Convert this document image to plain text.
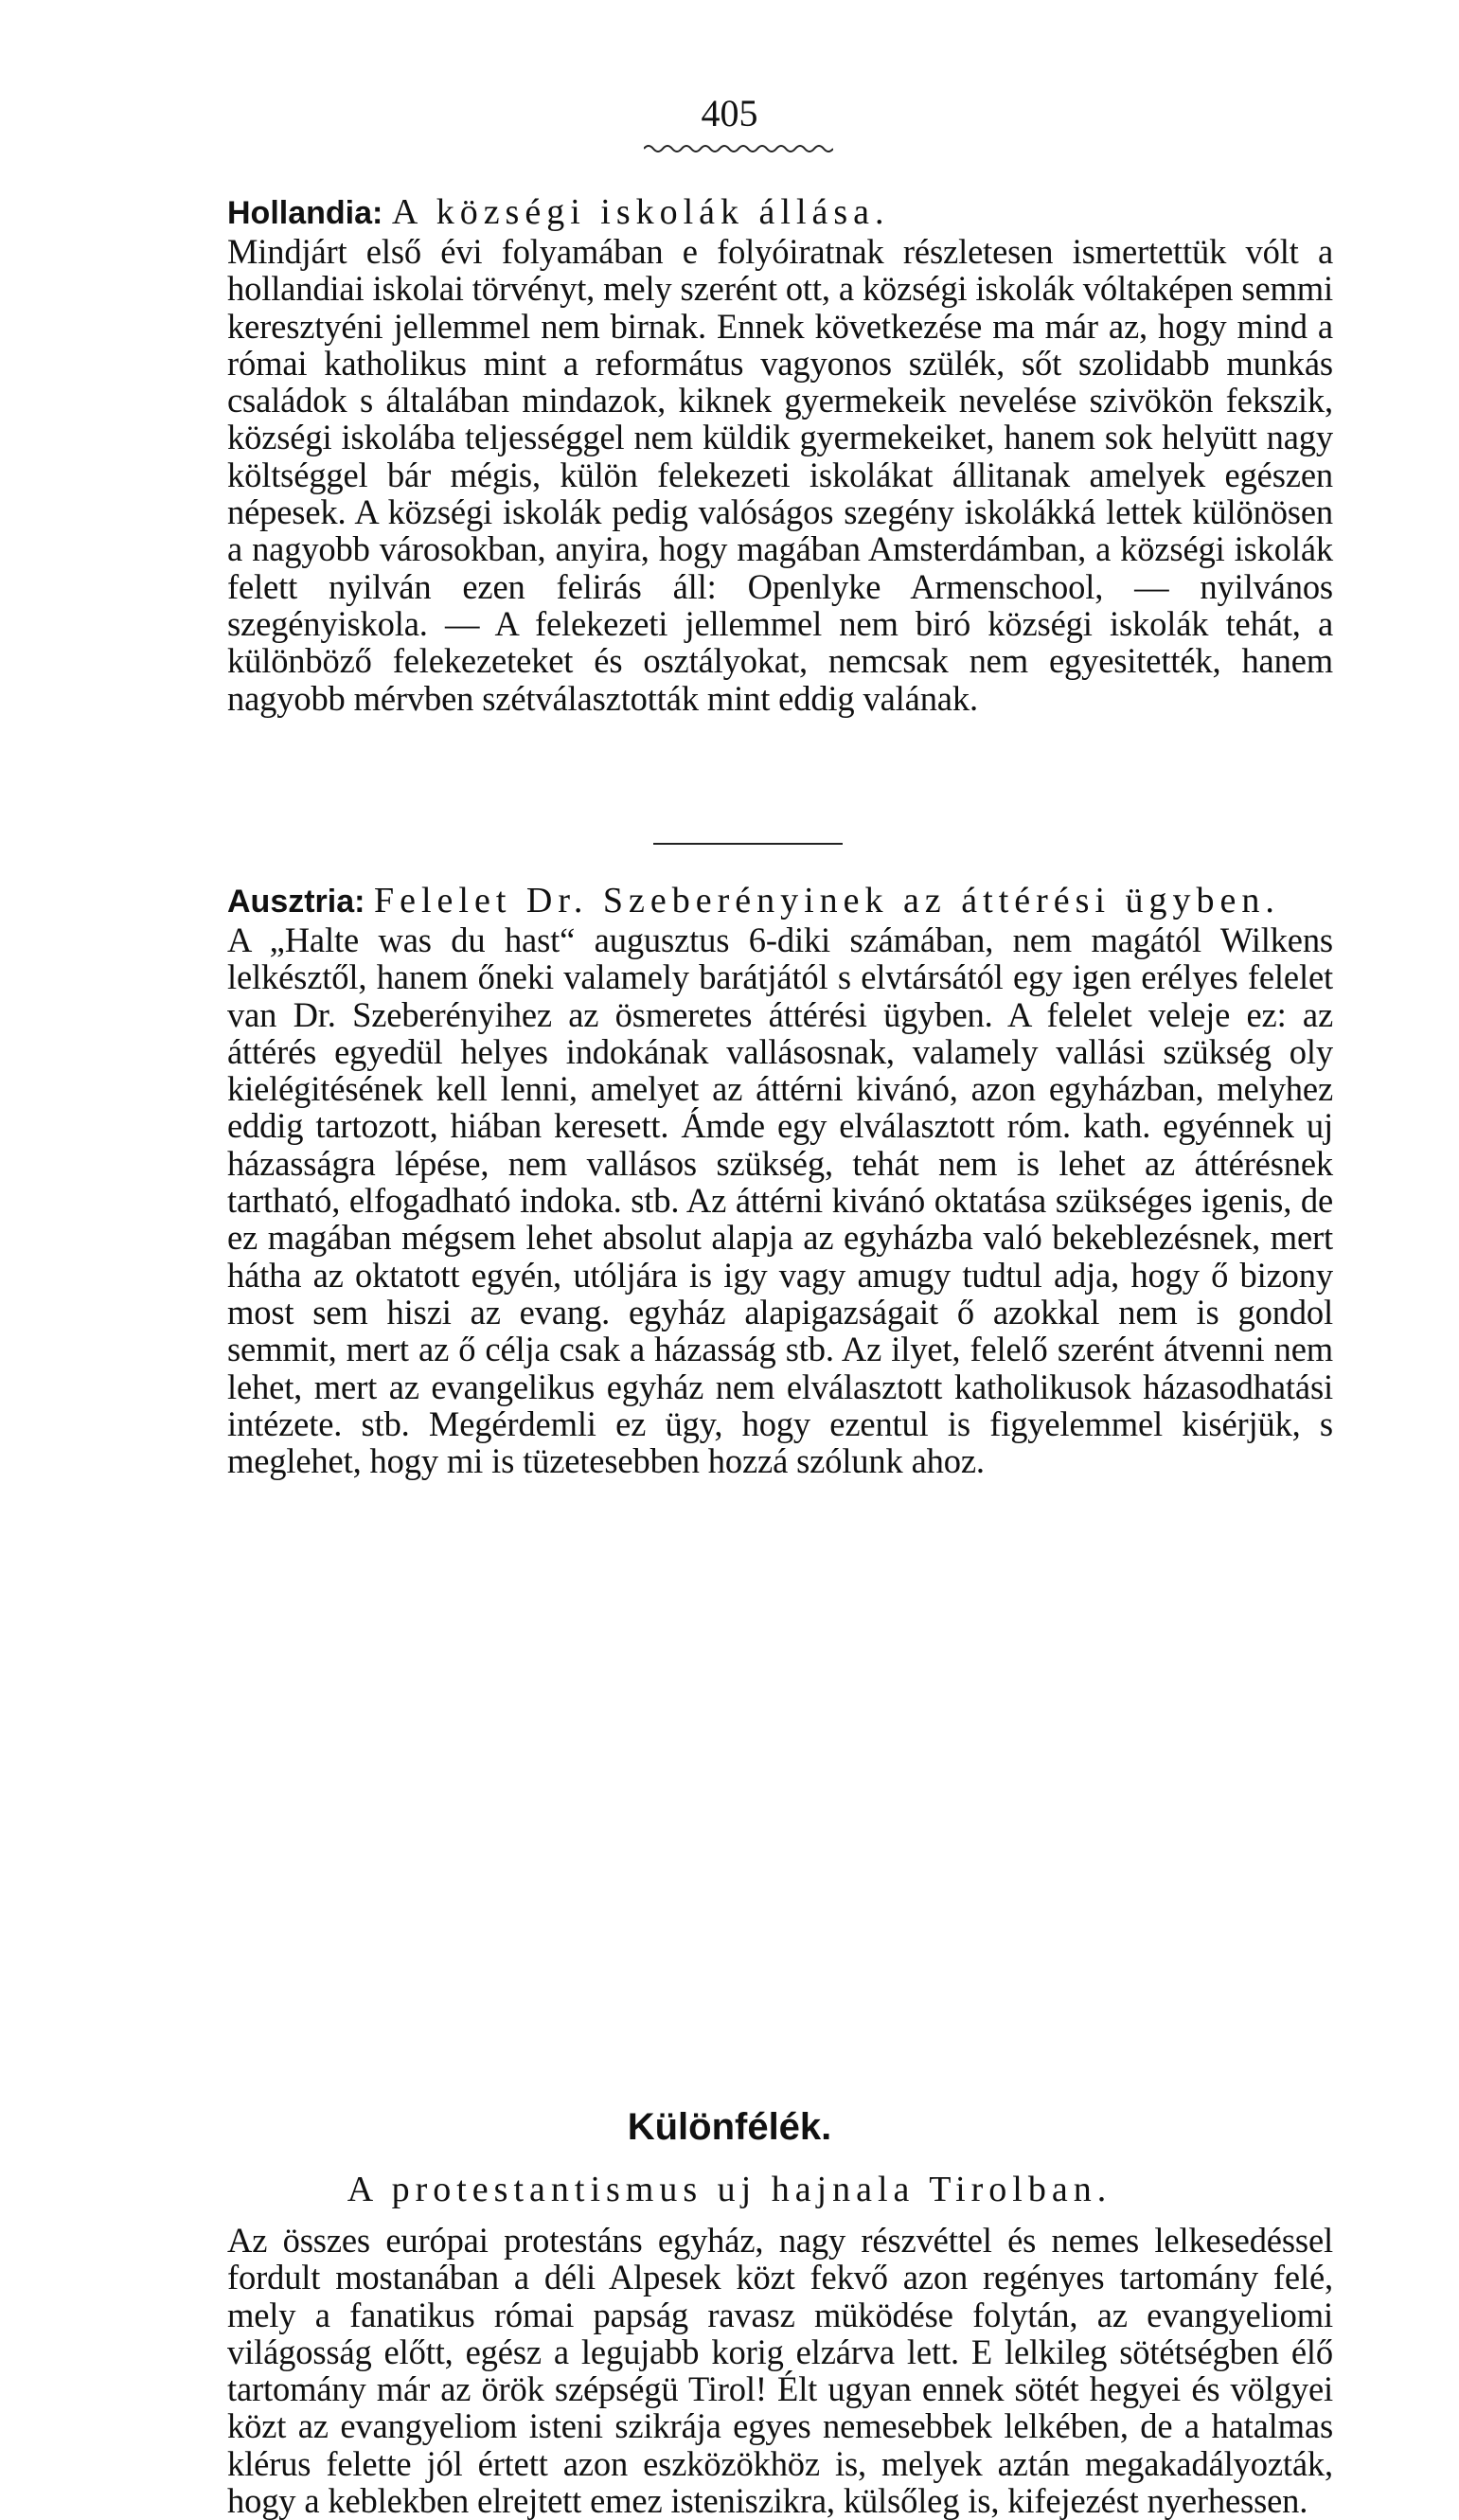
405

Hollandia: A községi iskolák állása.

Mindjárt első évi folyamában e folyóiratnak részletesen ismertettük vólt a hollandiai iskolai törvényt, mely szerént ott, a községi iskolák vóltaképen semmi keresztyéni jellemmel nem birnak. Ennek következése ma már az, hogy mind a római katholikus mint a református vagyonos szülék, sőt szolidabb munkás családok s általában mindazok, kiknek gyermekeik nevelése szivökön fekszik, községi iskolába teljességgel nem küldik gyermekeiket, hanem sok helyütt nagy költséggel bár mégis, külön felekezeti iskolákat állitanak amelyek egészen népesek. A községi iskolák pedig valóságos szegény iskolákká lettek különösen a nagyobb városokban, anyira, hogy magában Amsterdámban, a községi iskolák felett nyilván ezen felirás áll: Openlyke Armenschool, — nyilvános szegényiskola. — A felekezeti jellemmel nem biró községi iskolák tehát, a különböző felekezeteket és osztályokat, nemcsak nem egyesitették, hanem nagyobb mérvben szétválasztották mint eddig valának.

Ausztria: Felelet Dr. Szeberényinek az áttérési ügyben.

A „Halte was du hast“ augusztus 6-diki számában, nem magától Wilkens lelkésztől, hanem őneki valamely barátjától s elvtársától egy igen erélyes felelet van Dr. Szeberényihez az ösmeretes áttérési ügyben. A felelet veleje ez: az áttérés egyedül helyes indokának vallásosnak, valamely vallási szükség oly kielégitésének kell lenni, amelyet az áttérni kivánó, azon egyházban, melyhez eddig tartozott, hiában keresett. Ámde egy elválasztott róm. kath. egyénnek uj házasságra lépése, nem vallásos szükség, tehát nem is lehet az áttérésnek tartható, elfogadható indoka. stb. Az áttérni kivánó oktatása szükséges igenis, de ez magában mégsem lehet absolut alapja az egyházba való bekeblezésnek, mert hátha az oktatott egyén, utóljára is igy vagy amugy tudtul adja, hogy ő bizony most sem hiszi az evang. egyház alapigazságait ő azokkal nem is gondol semmit, mert az ő célja csak a házasság stb. Az ilyet, felelő szerént átvenni nem lehet, mert az evangelikus egyház nem elválasztott katholikusok házasodhatási intézete. stb. Megérdemli ez ügy, hogy ezentul is figyelemmel kisérjük, s meglehet, hogy mi is tüzetesebben hozzá szólunk ahoz.

Különfélék.
A protestantismus uj hajnala Tirolban.

Az összes európai protestáns egyház, nagy részvéttel és nemes lelkesedéssel fordult mostanában a déli Alpesek közt fekvő azon regényes tartomány felé, mely a fanatikus római papság ravasz müködése folytán, az evangyeliomi világosság előtt, egész a legujabb korig elzárva lett. E lelkileg sötétségben élő tartomány már az örök szépségü Tirol! Élt ugyan ennek sötét hegyei és völgyei közt az evangyeliom isteni szikrája egyes nemesebbek lelkében, de a hatalmas klérus felette jól értett azon eszközökhöz is, melyek aztán megakadályozták, hogy a keblekben elrejtett emez isteniszikra, külsőleg is, kifejezést nyerhessen.
